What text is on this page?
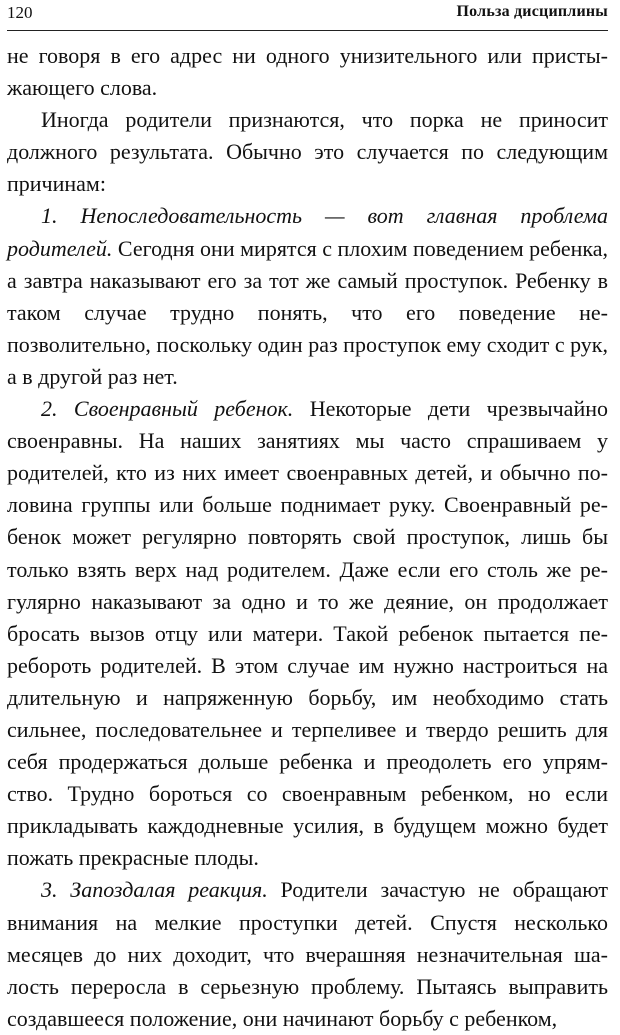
120	Польза дисциплины

не говоря в его адрес ни одного унизительного или пристыжающего слова.

Иногда родители признаются, что порка не приносит должного результата. Обычно это случается по следующим причинам:

1. Непоследовательность — вот главная проблема родителей. Сегодня они мирятся с плохим поведением ребенка, а завтра наказывают его за тот же самый проступок. Ребенку в таком случае трудно понять, что его поведение непозволительно, поскольку один раз проступок ему сходит с рук, а в другой раз нет.

2. Своенравный ребенок. Некоторые дети чрезвычайно своенравны. На наших занятиях мы часто спрашиваем у родителей, кто из них имеет своенравных детей, и обычно половина группы или больше поднимает руку. Своенравный ребенок может регулярно повторять свой проступок, лишь бы только взять верх над родителем. Даже если его столь же регулярно наказывают за одно и то же деяние, он продолжает бросать вызов отцу или матери. Такой ребенок пытается перебороть родителей. В этом случае им нужно настроиться на длительную и напряженную борьбу, им необходимо стать сильнее, последовательнее и терпеливее и твердо решить для себя продержаться дольше ребенка и преодолеть его упрямство. Трудно бороться со своенравным ребенком, но если прикладывать каждодневные усилия, в будущем можно будет пожать прекрасные плоды.

3. Запоздалая реакция. Родители зачастую не обращают внимания на мелкие проступки детей. Спустя несколько месяцев до них доходит, что вчерашняя незначительная шалость переросла в серьезную проблему. Пытаясь выправить создавшееся положение, они начинают борьбу с ребенком,
